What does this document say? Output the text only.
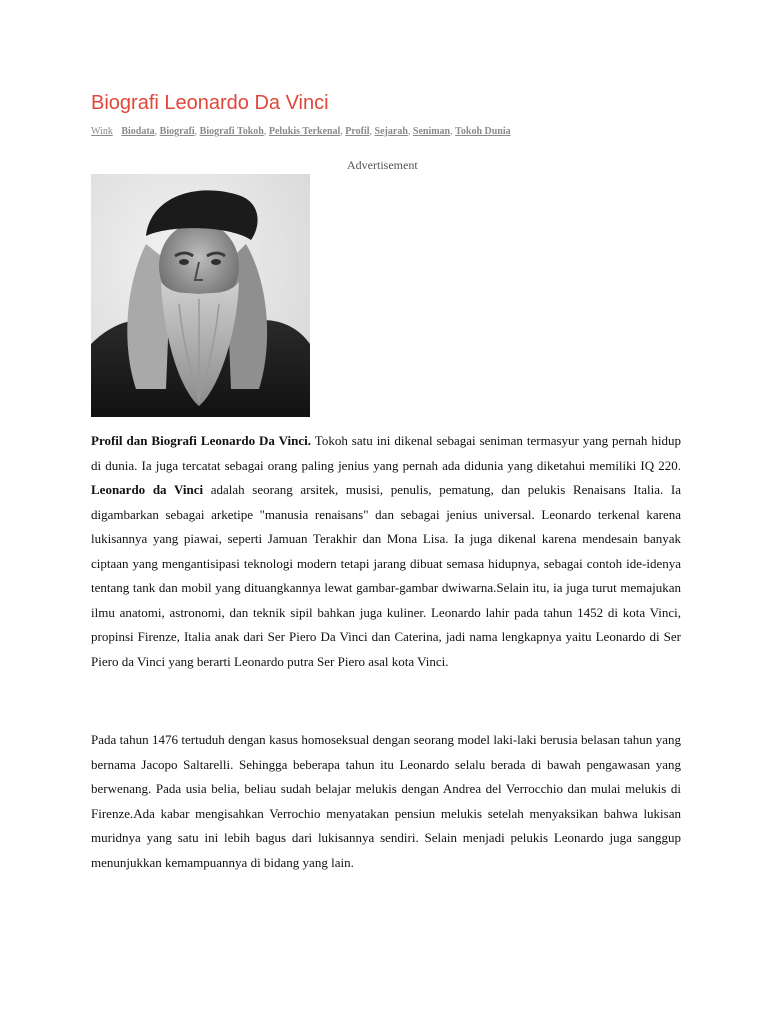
Biografi Leonardo Da Vinci
Wink Biodata, Biografi, Biografi Tokoh, Pelukis Terkenal, Profil, Sejarah, Seniman, Tokoh Dunia
Advertisement

Profil dan Biografi Leonardo Da Vinci. Tokoh satu ini dikenal sebagai seniman termasyur yang pernah hidup di dunia. Ia juga tercatat sebagai orang paling jenius yang pernah ada didunia yang diketahui memiliki IQ 220. Leonardo da Vinci adalah seorang arsitek, musisi, penulis, pematung, dan pelukis Renaisans Italia. Ia digambarkan sebagai arketipe "manusia renaisans" dan sebagai jenius universal. Leonardo terkenal karena lukisannya yang piawai, seperti Jamuan Terakhir dan Mona Lisa. Ia juga dikenal karena mendesain banyak ciptaan yang mengantisipasi teknologi modern tetapi jarang dibuat semasa hidupnya, sebagai contoh ide-idenya tentang tank dan mobil yang dituangkannya lewat gambar-gambar dwiwarna.Selain itu, ia juga turut memajukan ilmu anatomi, astronomi, dan teknik sipil bahkan juga kuliner. Leonardo lahir pada tahun 1452 di kota Vinci, propinsi Firenze, Italia anak dari Ser Piero Da Vinci dan Caterina, jadi nama lengkapnya yaitu Leonardo di Ser Piero da Vinci yang berarti Leonardo putra Ser Piero asal kota Vinci.

Pada tahun 1476 tertuduh dengan kasus homoseksual dengan seorang model laki-laki berusia belasan tahun yang bernama Jacopo Saltarelli. Sehingga beberapa tahun itu Leonardo selalu berada di bawah pengawasan yang berwenang. Pada usia belia, beliau sudah belajar melukis dengan Andrea del Verrocchio dan mulai melukis di Firenze.Ada kabar mengisahkan Verrochio menyatakan pensiun melukis setelah menyaksikan bahwa lukisan muridnya yang satu ini lebih bagus dari lukisannya sendiri. Selain menjadi pelukis Leonardo juga sanggup menunjukkan kemampuannya di bidang yang lain.
